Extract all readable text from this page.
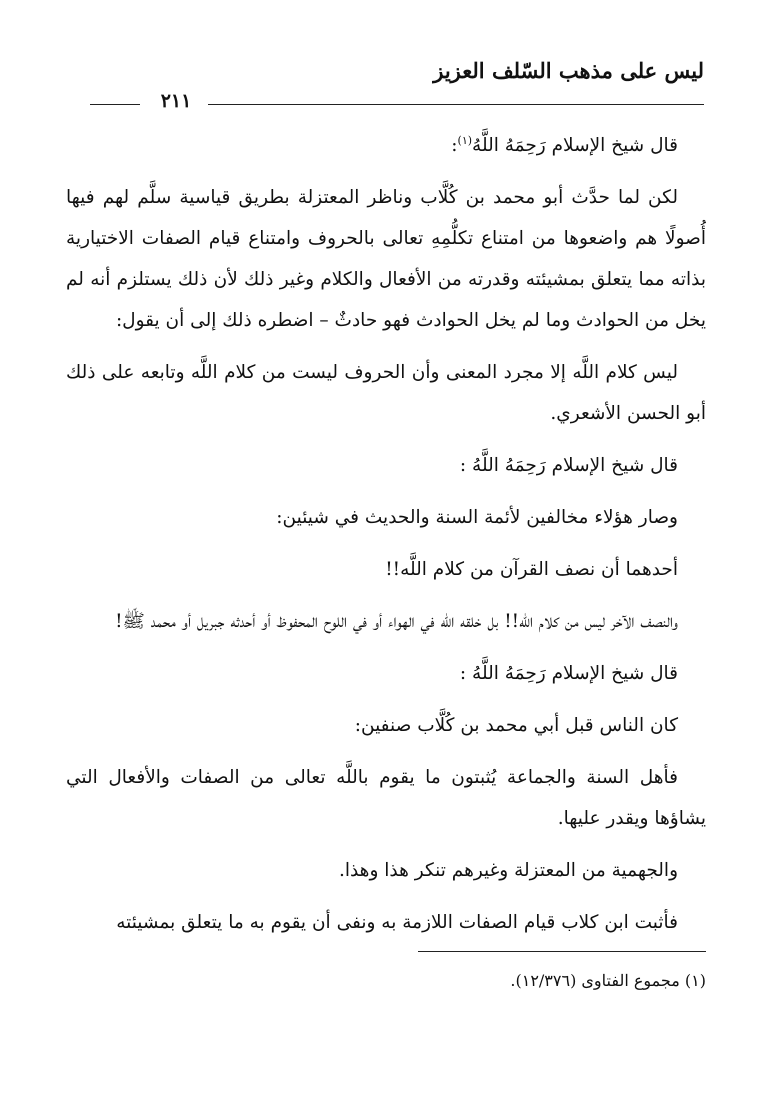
ليس على مذهب السّلف العزيز
٢١١

قال شيخ الإسلام رَحِمَهُ اللَّهُ$^{(١)}$:

لكن لما حدَّث أبو محمد بن كُلَّاب وناظر المعتزلة بطريق قياسية سلَّم لهم فيها أُصولًا هم واضعوها من امتناع تكلُّمِهِ تعالى بالحروف وامتناع قيام الصفات الاختيارية بذاته مما يتعلق بمشيئته وقدرته من الأفعال والكلام وغير ذلك لأن ذلك يستلزم أنه لم يخل من الحوادث وما لم يخل الحوادث فهو حادثٌ – اضطره ذلك إلى أن يقول:

ليس كلام اللَّه إلا مجرد المعنى وأن الحروف ليست من كلام اللَّه وتابعه على ذلك أبو الحسن الأشعري.

قال شيخ الإسلام رَحِمَهُ اللَّهُ :

وصار هؤلاء مخالفين لأئمة السنة والحديث في شيئين:

أحدهما أن نصف القرآن من كلام اللَّه!!

والنصف الآخر ليس من كلام الله!! بل خلقه الله في الهواء أو في اللوح المحفوظ أو أحدثه جبريل أو محمد ﷺ!

قال شيخ الإسلام رَحِمَهُ اللَّهُ :

كان الناس قبل أبي محمد بن كُلَّاب صنفين:

فأهل السنة والجماعة يُثبتون ما يقوم باللَّه تعالى من الصفات والأفعال التي يشاؤها ويقدر عليها.

والجهمية من المعتزلة وغيرهم تنكر هذا وهذا.

فأثبت ابن كلاب قيام الصفات اللازمة به ونفى أن يقوم به ما يتعلق بمشيئته

(١) مجموع الفتاوى (١٢/٣٧٦).
